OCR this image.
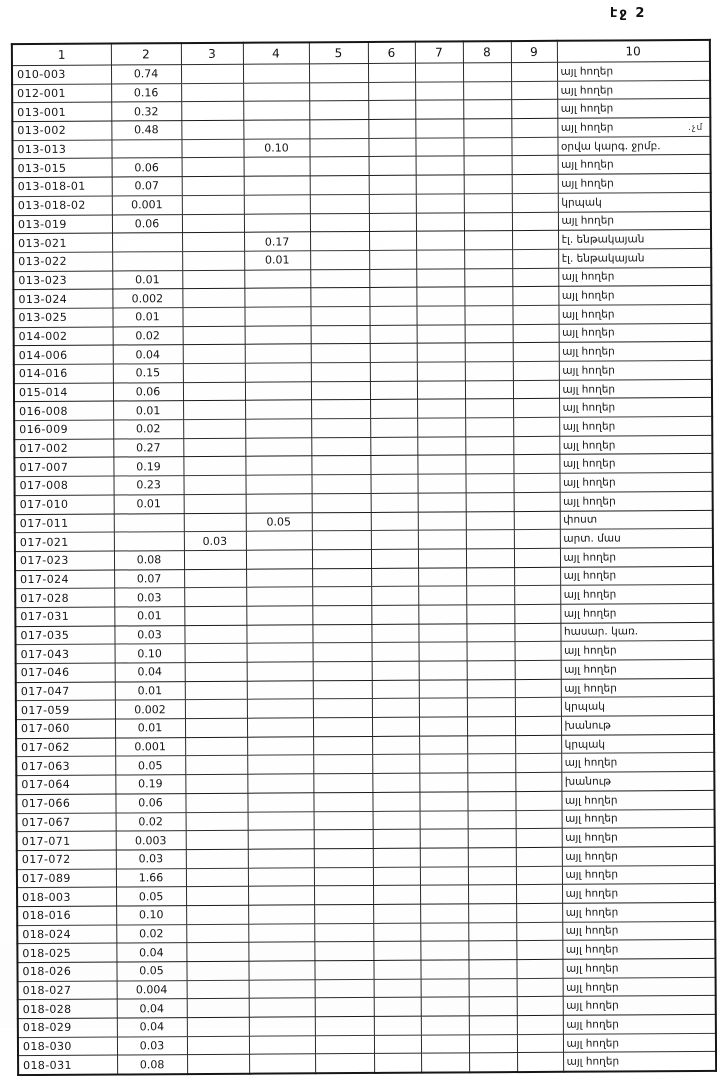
էջ 2
1	2	3	4	5	6	7	8	9	10
010-003	0.74								այլ հողեր
012-001	0.16								այլ հողեր
013-001	0.32								այլ հողեր
013-002	0.48								այլ հողեր
013-013			0.10						օրվա կարգ. ջրմբ.
013-015	0.06								այլ հողեր
013-018-01	0.07								այլ հողեր
013-018-02	0.001								կրպակ
013-019	0.06								այլ հողեր
013-021			0.17						էլ. ենթակայան
013-022			0.01						էլ. ենթակայան
013-023	0.01								այլ հողեր
013-024	0.002								այլ հողեր
013-025	0.01								այլ հողեր
014-002	0.02								այլ հողեր
014-006	0.04								այլ հողեր
014-016	0.15								այլ հողեր
015-014	0.06								այլ հողեր
016-008	0.01								այլ հողեր
016-009	0.02								այլ հողեր
017-002	0.27								այլ հողեր
017-007	0.19								այլ հողեր
017-008	0.23								այլ հողեր
017-010	0.01								այլ հողեր
017-011			0.05						փոստ
017-021		0.03							արտ. մաս
017-023	0.08								այլ հողեր
017-024	0.07								այլ հողեր
017-028	0.03								այլ հողեր
017-031	0.01								այլ հողեր
017-035	0.03								հասար. կառ.
017-043	0.10								այլ հողեր
017-046	0.04								այլ հողեր
017-047	0.01								այլ հողեր
017-059	0.002								կրպակ
017-060	0.01								խանութ
017-062	0.001								կրպակ
017-063	0.05								այլ հողեր
017-064	0.19								խանութ
017-066	0.06								այլ հողեր
017-067	0.02								այլ հողեր
017-071	0.003								այլ հողեր
017-072	0.03								այլ հողեր
017-089	1.66								այլ հողեր
018-003	0.05								այլ հողեր
018-016	0.10								այլ հողեր
018-024	0.02								այլ հողեր
018-025	0.04								այլ հողեր
018-026	0.05								այլ հողեր
018-027	0.004								այլ հողեր
018-028	0.04								այլ հողեր
018-029	0.04								այլ հողեր
018-030	0.03								այլ հողեր
018-031	0.08								այլ հողեր
.չմ
